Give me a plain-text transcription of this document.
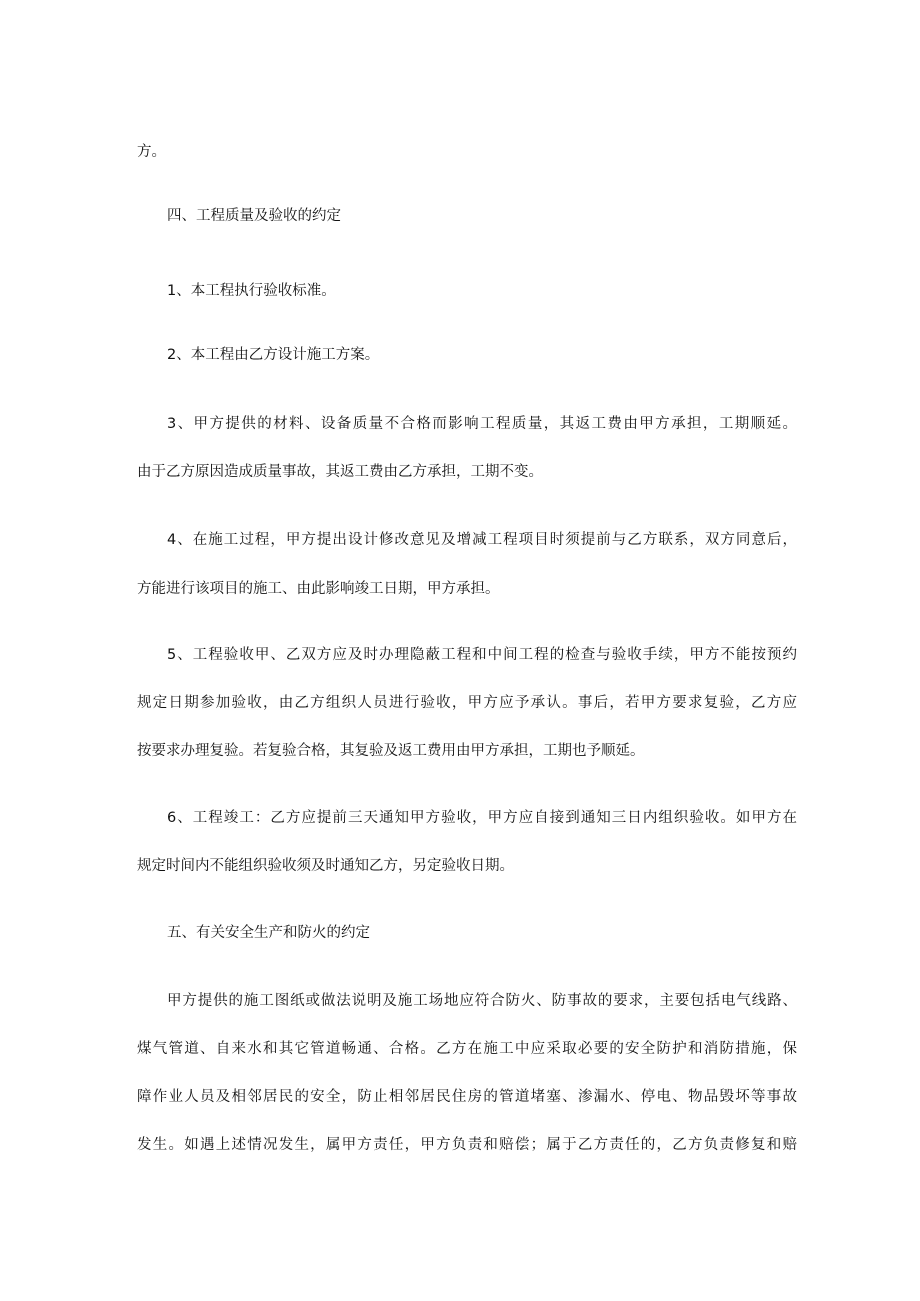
方。
四、工程质量及验收的约定
1、本工程执行验收标准。
2、本工程由乙方设计施工方案。
3、甲方提供的材料、设备质量不合格而影响工程质量，其返工费由甲方承担，工期顺延。
由于乙方原因造成质量事故，其返工费由乙方承担，工期不变。
4、在施工过程，甲方提出设计修改意见及增减工程项目时须提前与乙方联系，双方同意后，
方能进行该项目的施工、由此影响竣工日期，甲方承担。
5、工程验收甲、乙双方应及时办理隐蔽工程和中间工程的检查与验收手续，甲方不能按预约
规定日期参加验收，由乙方组织人员进行验收，甲方应予承认。事后，若甲方要求复验，乙方应
按要求办理复验。若复验合格，其复验及返工费用由甲方承担，工期也予顺延。
6、工程竣工：乙方应提前三天通知甲方验收，甲方应自接到通知三日内组织验收。如甲方在
规定时间内不能组织验收须及时通知乙方，另定验收日期。
五、有关安全生产和防火的约定
甲方提供的施工图纸或做法说明及施工场地应符合防火、防事故的要求，主要包括电气线路、
煤气管道、自来水和其它管道畅通、合格。乙方在施工中应采取必要的安全防护和消防措施，保
障作业人员及相邻居民的安全，防止相邻居民住房的管道堵塞、渗漏水、停电、物品毁坏等事故
发生。如遇上述情况发生，属甲方责任，甲方负责和赔偿；属于乙方责任的，乙方负责修复和赔
